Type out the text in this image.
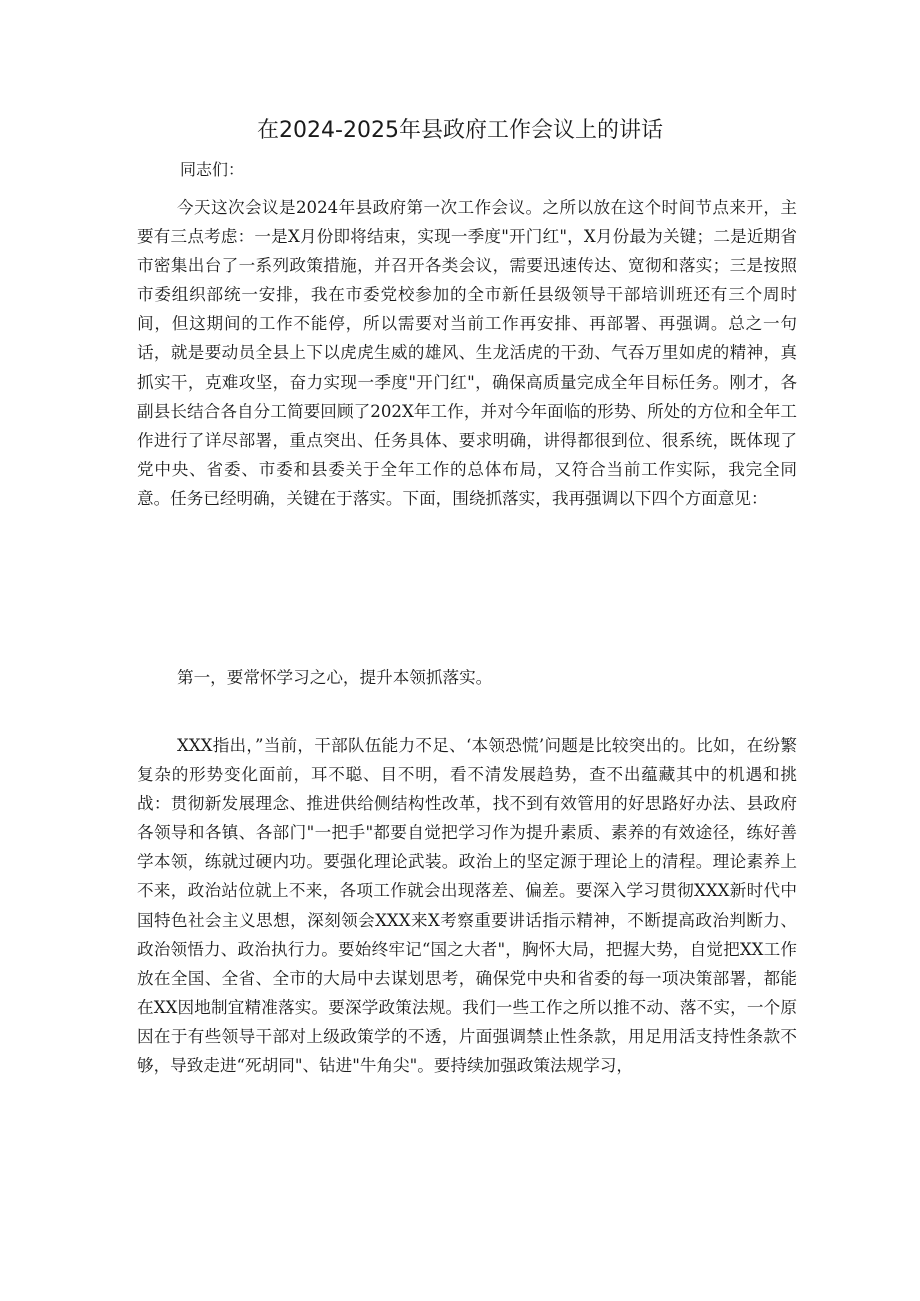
在2024-2025年县政府工作会议上的讲话

同志们：

今天这次会议是2024年县政府第一次工作会议。之所以放在这个时间节点来开，主要有三点考虑：一是X月份即将结束，实现一季度"开门红"，X月份最为关键；二是近期省市密集出台了一系列政策措施，并召开各类会议，需要迅速传达、宽彻和落实；三是按照市委组织部统一安排，我在市委党校参加的全市新任县级领导干部培训班还有三个周时间，但这期间的工作不能停，所以需要对当前工作再安排、再部署、再强调。总之一句话，就是要动员全县上下以虎虎生威的雄风、生龙活虎的干劲、气吞万里如虎的精神，真抓实干，克难攻坚，奋力实现一季度"开门红"，确保高质量完成全年目标任务。刚才，各副县长结合各自分工简要回顾了202X年工作，并对今年面临的形势、所处的方位和全年工作进行了详尽部署，重点突出、任务具体、要求明确，讲得都很到位、很系统，既体现了党中央、省委、市委和县委关于全年工作的总体布局，又符合当前工作实际，我完全同意。任务已经明确，关键在于落实。下面，围绕抓落实，我再强调以下四个方面意见：

第一，要常怀学习之心，提升本领抓落实。

XXX指出，”当前，干部队伍能力不足、‘本领恐慌’问题是比较突出的。比如，在纷繁复杂的形势变化面前，耳不聪、目不明，看不清发展趋势，查不出蕴藏其中的机遇和挑战：贯彻新发展理念、推进供给侧结构性改革，找不到有效管用的好思路好办法、县政府各领导和各镇、各部门"一把手"都要自觉把学习作为提升素质、素养的有效途径，练好善学本领，练就过硬内功。要强化理论武装。政治上的坚定源于理论上的清程。理论素养上不来，政治站位就上不来，各项工作就会出现落差、偏差。要深入学习贯彻XXX新时代中国特色社会主义思想，深刻领会XXX来X考察重要讲话指示精神，不断提高政治判断力、政治领悟力、政治执行力。要始终牢记“国之大者"，胸怀大局，把握大势，自觉把XX工作放在全国、全省、全市的大局中去谋划思考，确保党中央和省委的每一项决策部署，都能在XX因地制宜精准落实。要深学政策法规。我们一些工作之所以推不动、落不实，一个原因在于有些领导干部对上级政策学的不透，片面强调禁止性条款，用足用活支持性条款不够，导致走进“死胡同"、钻进"牛角尖"。要持续加强政策法规学习，
